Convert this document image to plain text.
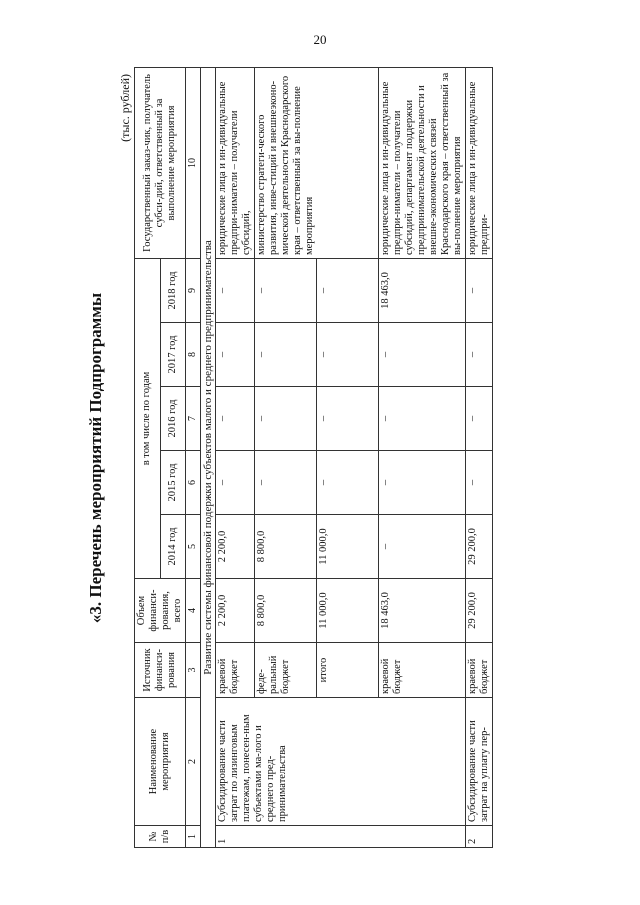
20
«3. Перечень мероприятий Подпрограммы
(тыс. рублей)
№ п/в	Наименование мероприятия	Источник финанси-рования	Объем финанси-рования, всего	в том числе по годам					Государственный заказ-чик, получатель субси-дий, ответственный за выполнение мероприятия
				2014 год	2015 год	2016 год	2017 год	2018 год	
1	2	3	4	5	6	7	8	9	10
Развитие системы финансовой подержки субъектов малого и среднего предпринимательства									
1	Субсидирование части затрат по лизинговым платежам, понесен-ным субъектами ма-лого и среднего пред-принимательства	краевой бюджет	2 200,0	2 200,0	–	–	–	–	юридические лица и ин-дивидуальные предпри-ниматели – получатели субсидий,
		феде-ральный бюджет	8 800,0	8 800,0	–	–	–	–	министерство стратеги-ческого развития, инве-стиций и внешнеэконо-мической деятельности Краснодарского края – ответственный за вы-полнение мероприятия
		итого	11 000,0	11 000,0	–	–	–	–	
		краевой бюджет	18 463,0	–	–	–	–	18 463,0	юридические лица и ин-дивидуальные предпри-ниматели – получатели субсидий, департамент поддержки предпринимательской деятельности и внешне-экономических связей Краснодарского края – ответственный за вы-полнение мероприятия
2	Субсидирование части затрат на уплату пер-	краевой бюджет	29 200,0	29 200,0	–	–	–	–	юридические лица и ин-дивидуальные предпри-
